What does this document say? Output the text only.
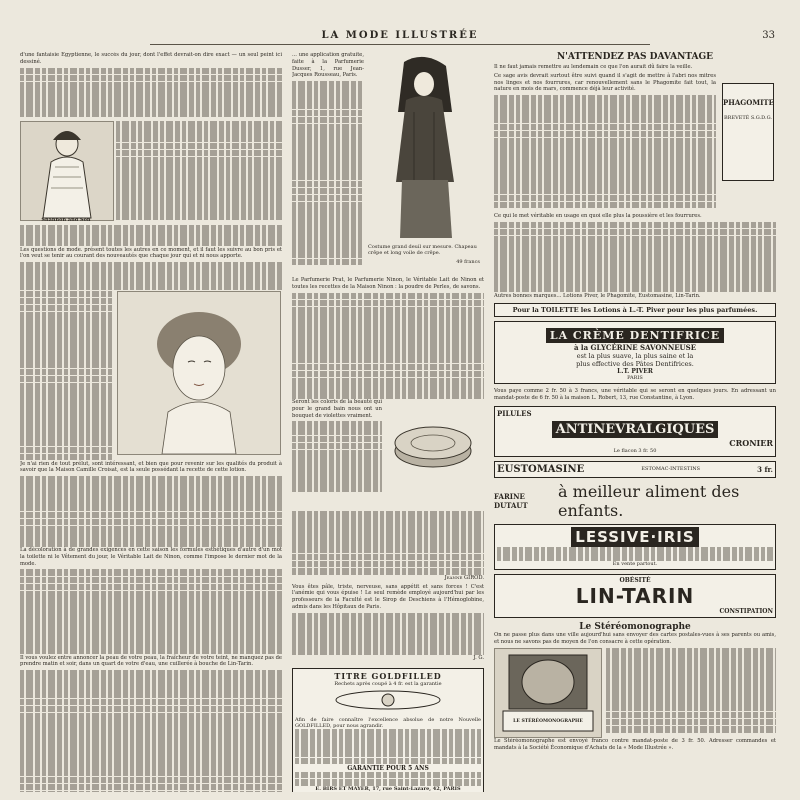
LA MODE ILLUSTRÉE	33

d'une fantaisie Égyptienne, le succès du jour, dont l'effet devrait-on dire exact — un seul peint ici dessiné.

Shannon and Son

Les questions de mode. présent toutes les autres en ce moment, et il faut les suivre au bon pris et l'on veut se tenir au courant des nouveautés que chaque jour qui et ni nous apporte.

Je n'ai rien de tout prélut, sont intéressant, et bien que pour revenir sur les qualités du produit à savoir que la Maison Camille Croisat, est la seule possédant la recette de cette lotion.

La décoloration à de grandes exigences en cette saison les formules esthétiques d'autre d'un mot la toilette ni le Vêtement du jour, le Véritable Lait de Ninon, comme l'impose le dernier mot de la mode.

Il vous voulez entre annoncer la peau de votre peau, la fraîcheur de votre teint, ne manquez pas de prendre matin et soir, dans un quart de votre d'eau, une cuillerée à bouche de Lin-Tarin.

... une application gratuite, faite à la Parfumerie Dusser, 1, rue Jean-Jacques Rousseau, Paris.

Costume grand deuil sur mesure. Chapeau crêpe et long voile de crêpe.
49 francs

Le Parfumerie Prat, le Parfumerie Ninon, le Véritable Lait de Ninon et toutes les recettes de la Maison Ninon : la poudre de Perles, de savons.

Seront les coloris de la beauté qui pour le grand bain nous ont un bouquet de violettes vraiment.

Jeanne GIROD.

Vous êtes pâle, triste, nerveuse, sans appétit et sans forces ! C'est l'anémie qui vous épuise ! Le seul remède employé aujourd'hui par les professeurs de la Faculté est le Sirop de Deschiens à l'Hémoglobine, admis dans les Hôpitaux de Paris.

J. G.

TITRE GOLDFILLED
Rechets après coupé à 4 fr. est la garantie
Afin de faire connaître l'excellence absolue de notre Nouvelle GOLDFILLED, pour nous agrandir.
GARANTIE POUR 5 ANS
E. BIRS ET MAYER, 17, rue Saint-Lazare, 42, PARIS
N'ATTENDEZ PAS DAVANTAGE

Il ne faut jamais remettre au lendemain ce que l'on aurait dû faire la veille.

Ce sage avis devrait surtout être suivi quand il s'agit de mettre à l'abri nos mitres nos linges et nos fourrures, car renouvellement sans le Phagomite fait tout, la nature en mois de mars, commence déjà leur activité.

PHAGOMITE
BREVETÉ S.G.D.G.

Ce qui le met véritable en usage en quoi elle plus la poussière et les fourrures.

Autres bonnes marques... Lotions Piver, le Phagomite, Eustomasine, Lin-Tarin.

Pour la TOILETTE les Lotions à L.-T. Piver pour les plus parfumées.
LA CRÈME DENTIFRICE
à la GLYCÉRINE SAVONNEUSE
est la plus suave, la plus saine et la
plus effective des Pâtes Dentifrices.
L.T. PIVER
PARIS

Vous paye comme 2 fr. 50 à 3 francs, une véritable qui se seront en quelques jours. En adressant un mandat-poste de 6 fr. 50 à la maison L. Robert, 13, rue Constantine, à Lyon.

PILULES
ANTINEVRALGIQUES
CRONIER
Le flacon 3 fr. 50
EUSTOMASINE	ESTOMAC-INTESTINS	3 fr.
FARINE DUTAUT
à meilleur aliment des enfants.
LESSIVE·IRIS
En vente partout.
OBÉSITÉ
LIN-TARIN
CONSTIPATION
Le Stéréomonographe

On ne passe plus dans une ville aujourd'hui sans envoyer des cartes postales-vues à ses parents ou amis, et nous ne savons pas de moyen de l'on consacre à cette opération.

LE STÉRÉOMONOGRAPHE

Le Stéréomonographe est envoyé franco contre mandat-poste de 3 fr. 50. Adresser commandes et mandats à la Société Économique d'Achats de la « Mode Illustrée ».
